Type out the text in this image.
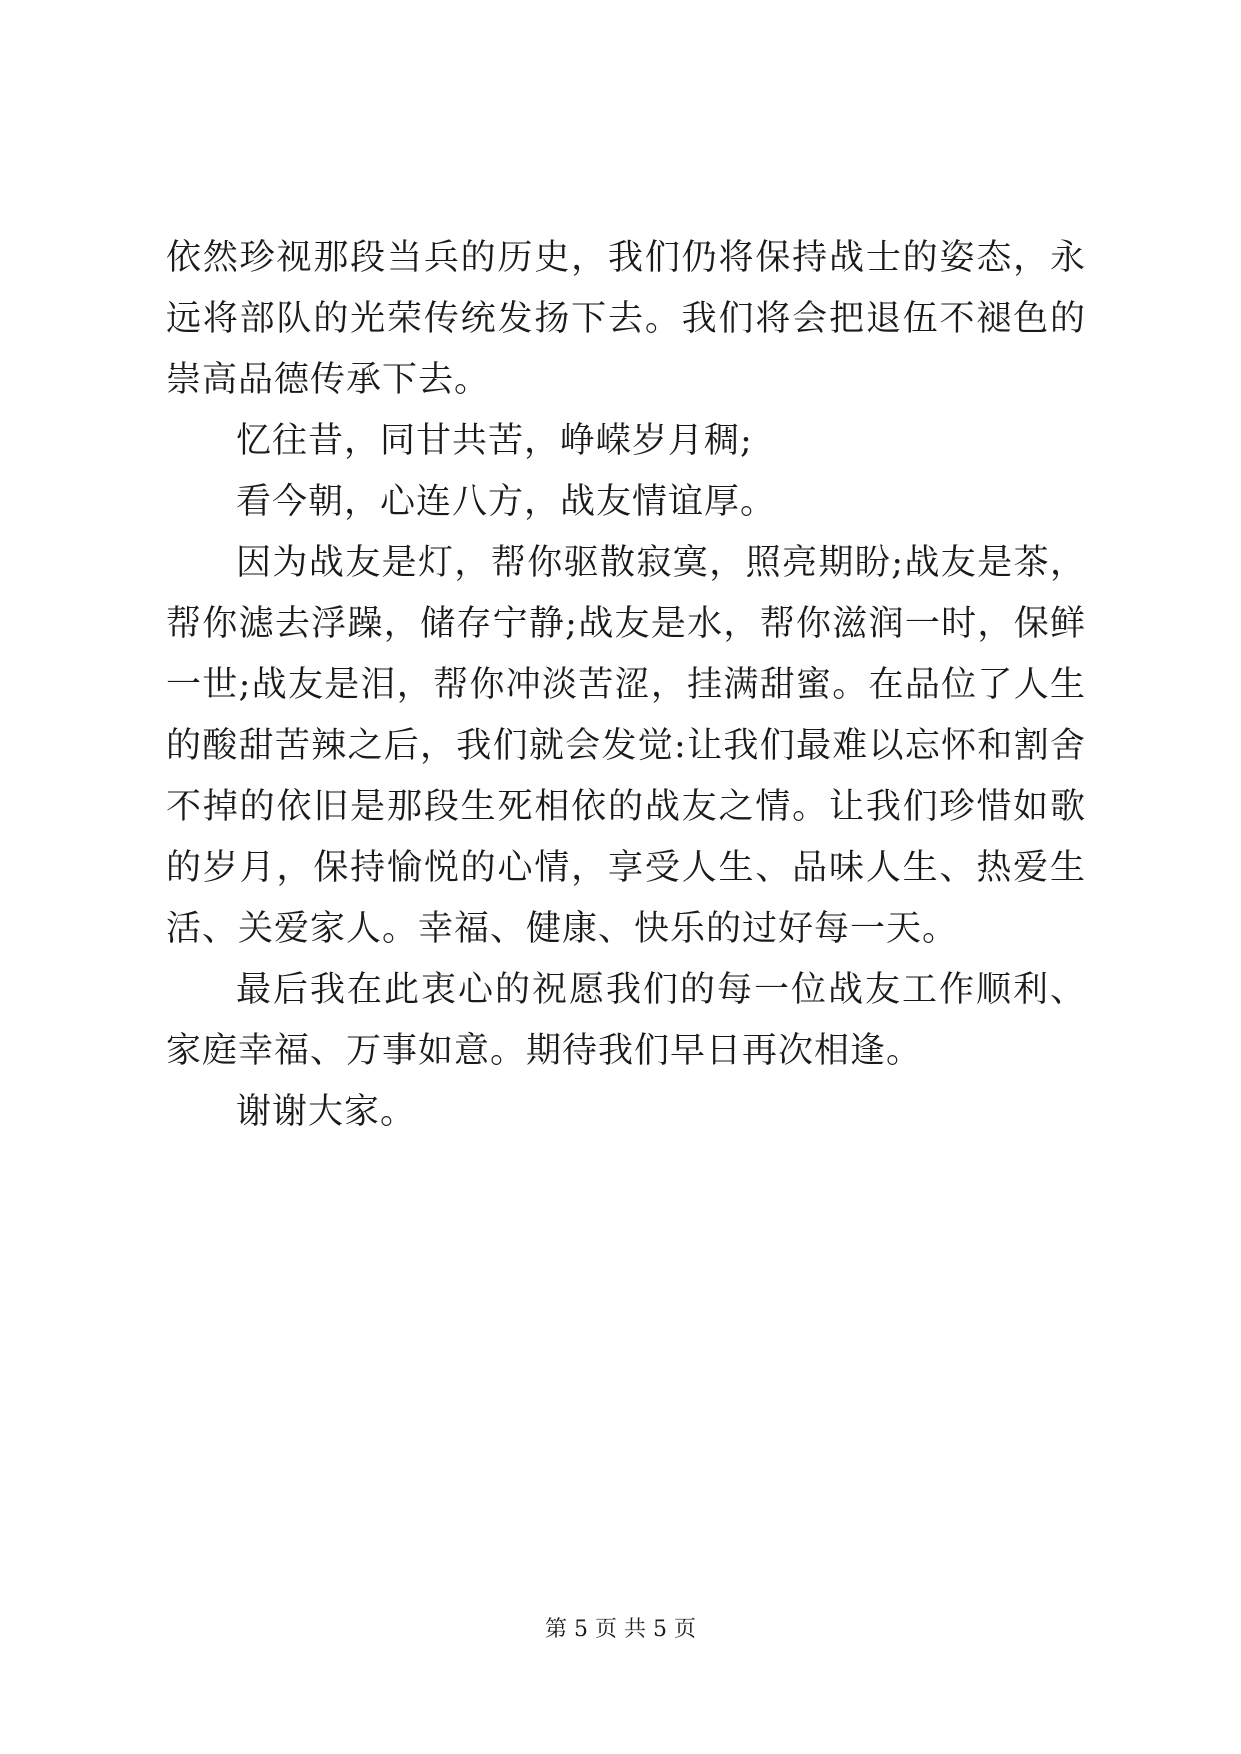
依然珍视那段当兵的历史，我们仍将保持战士的姿态，永远将部队的光荣传统发扬下去。我们将会把退伍不褪色的崇高品德传承下去。

忆往昔，同甘共苦，峥嵘岁月稠;

看今朝，心连八方，战友情谊厚。

因为战友是灯，帮你驱散寂寞，照亮期盼;战友是茶，帮你滤去浮躁，储存宁静;战友是水，帮你滋润一时，保鲜一世;战友是泪，帮你冲淡苦涩，挂满甜蜜。在品位了人生的酸甜苦辣之后，我们就会发觉:让我们最难以忘怀和割舍不掉的依旧是那段生死相依的战友之情。让我们珍惜如歌的岁月，保持愉悦的心情，享受人生、品味人生、热爱生活、关爱家人。幸福、健康、快乐的过好每一天。

最后我在此衷心的祝愿我们的每一位战友工作顺利、家庭幸福、万事如意。期待我们早日再次相逢。

谢谢大家。

第 5 页 共 5 页
